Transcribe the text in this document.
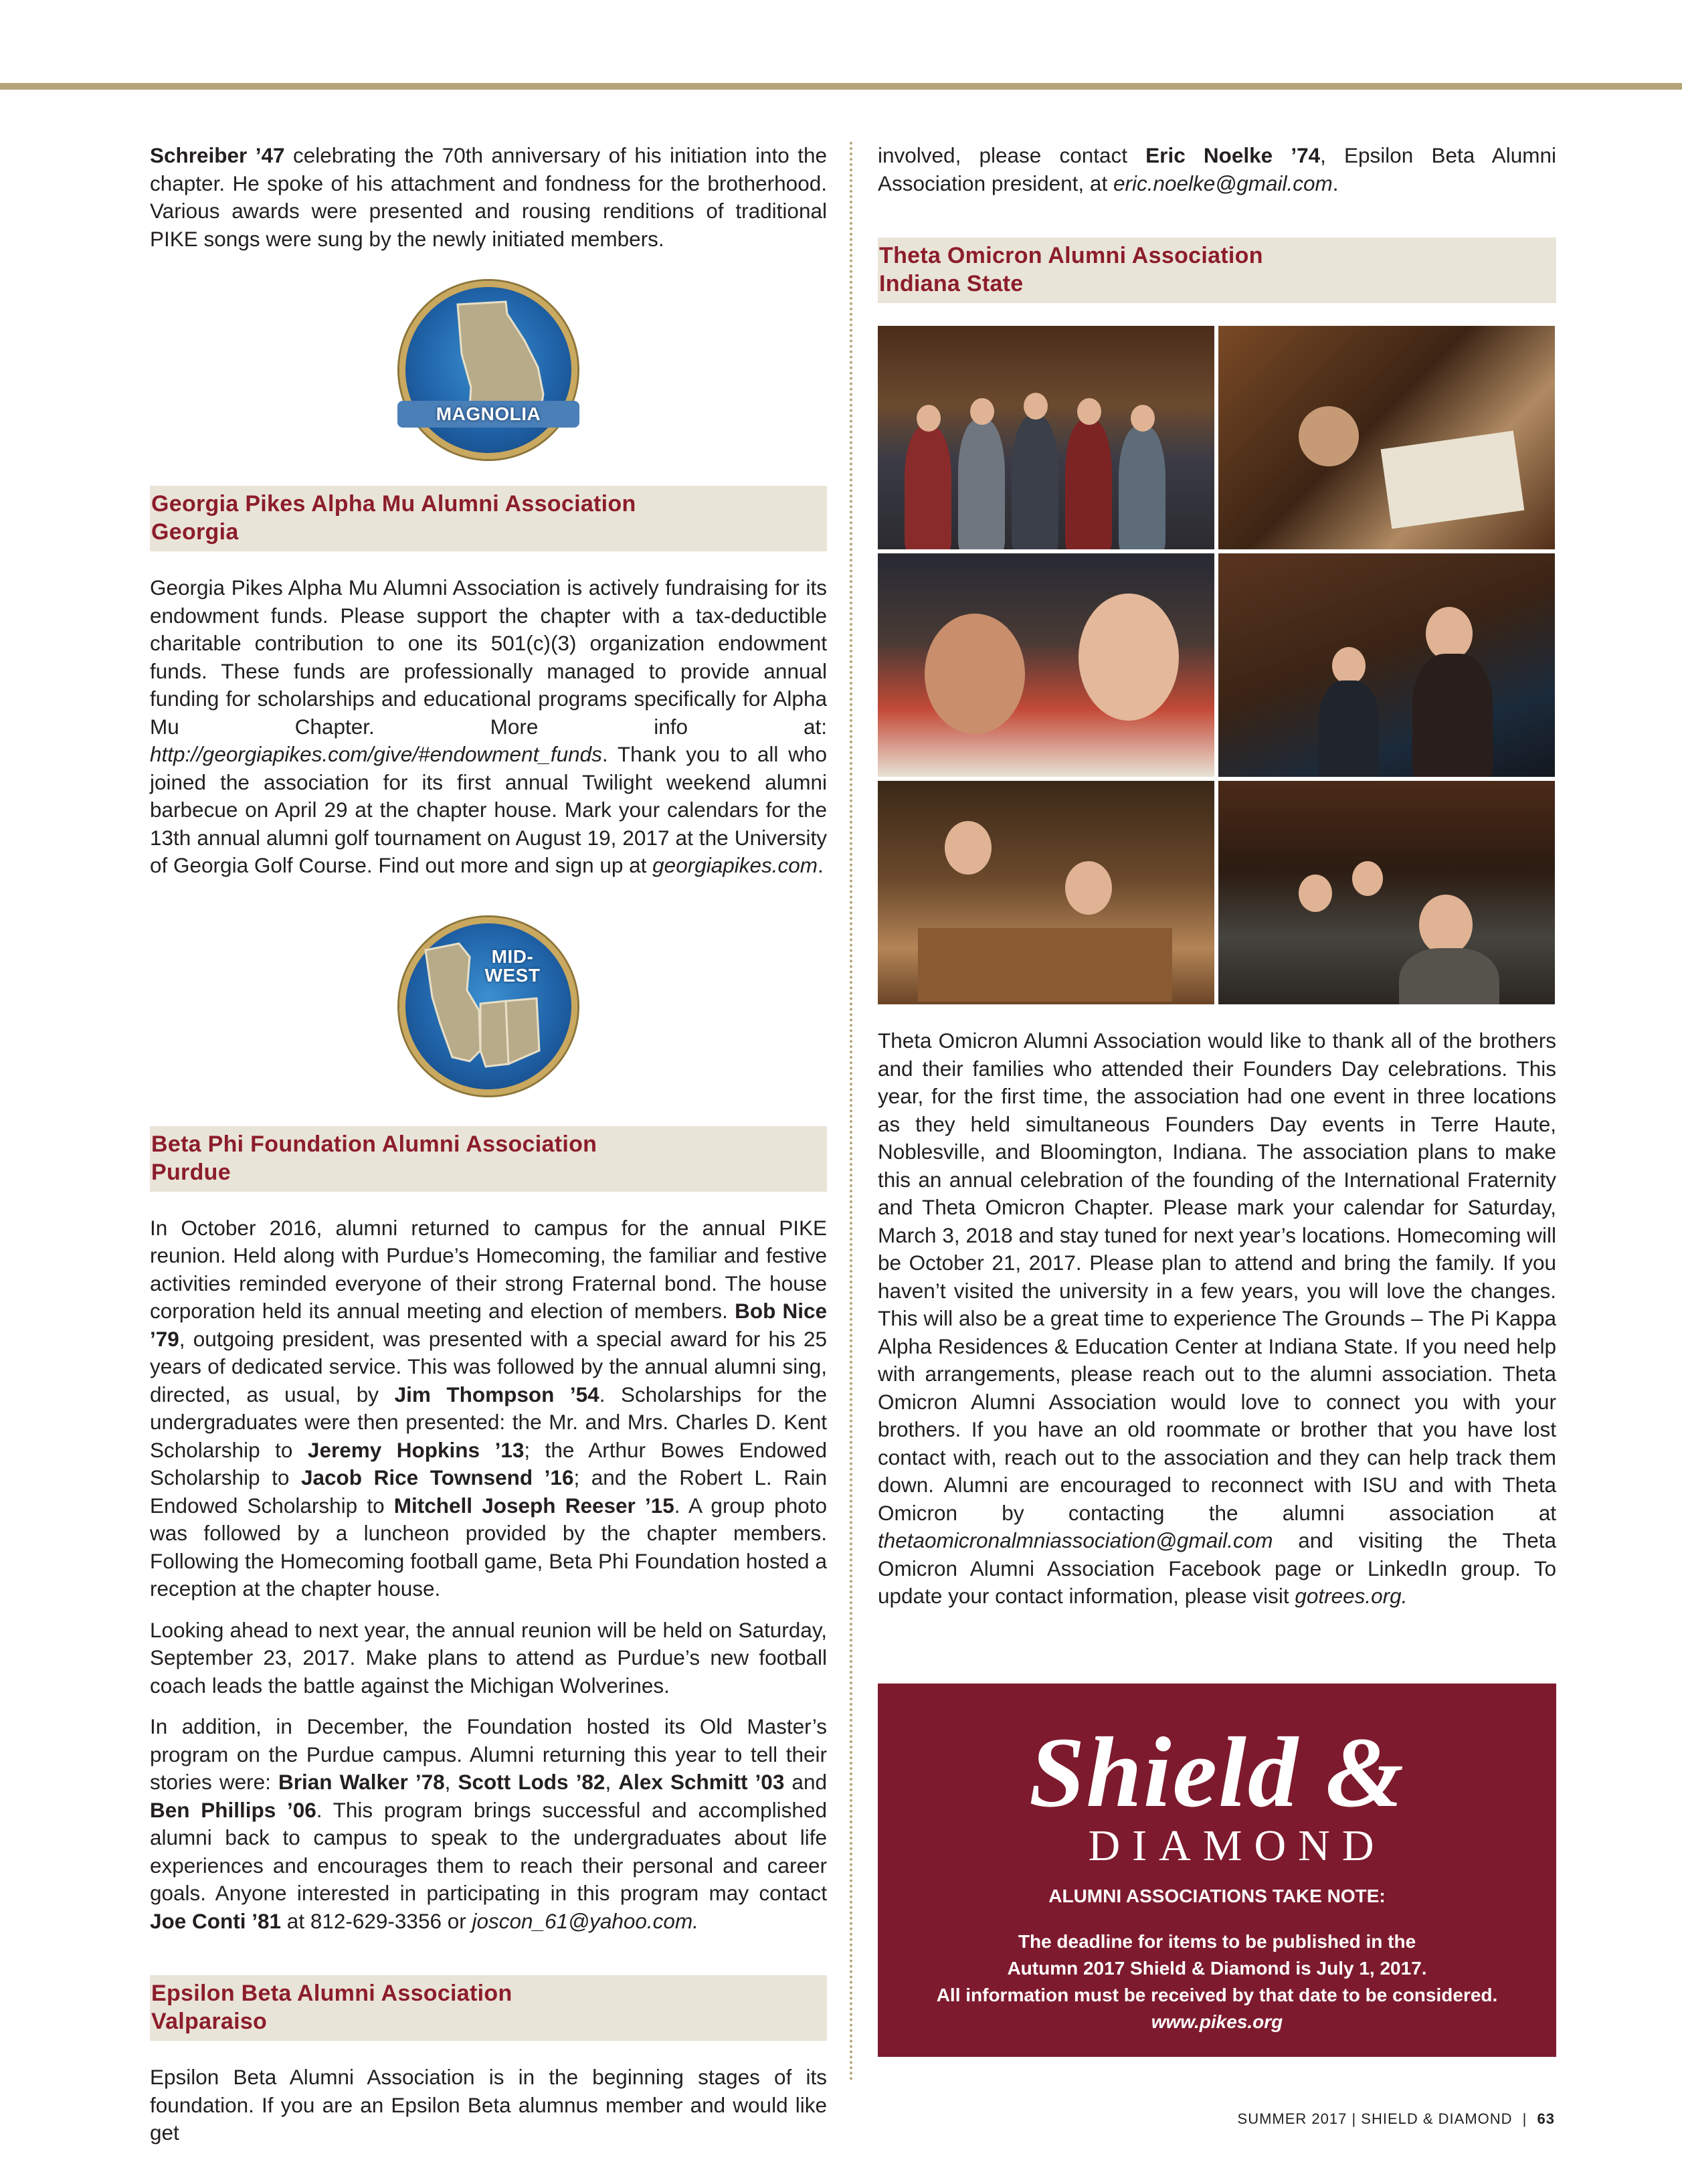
Schreiber ’47 celebrating the 70th anniversary of his initiation into the chapter. He spoke of his attachment and fondness for the brotherhood. Various awards were presented and rousing renditions of traditional PIKE songs were sung by the newly initiated members.

MAGNOLIA
Georgia Pikes Alpha Mu Alumni Association
Georgia

Georgia Pikes Alpha Mu Alumni Association is actively fundraising for its endowment funds. Please support the chapter with a tax-deductible charitable contribution to one its 501(c)(3) organization endowment funds. These funds are professionally managed to provide annual funding for scholarships and educational programs specifically for Alpha Mu Chapter. More info at: http://georgiapikes.com/give/#endowment_funds. Thank you to all who joined the association for its first annual Twilight weekend alumni barbecue on April 29 at the chapter house. Mark your calendars for the 13th annual alumni golf tournament on August 19, 2017 at the University of Georgia Golf Course. Find out more and sign up at georgiapikes.com.

MID-
WEST
Beta Phi Foundation Alumni Association
Purdue

In October 2016, alumni returned to campus for the annual PIKE reunion. Held along with Purdue’s Homecoming, the familiar and festive activities reminded everyone of their strong Fraternal bond. The house corporation held its annual meeting and election of members. Bob Nice ’79, outgoing president, was presented with a special award for his 25 years of dedicated service. This was followed by the annual alumni sing, directed, as usual, by Jim Thompson ’54. Scholarships for the undergraduates were then presented: the Mr. and Mrs. Charles D. Kent Scholarship to Jeremy Hopkins ’13; the Arthur Bowes Endowed Scholarship to Jacob Rice Townsend ’16; and the Robert L. Rain Endowed Scholarship to Mitchell Joseph Reeser ’15. A group photo was followed by a luncheon provided by the chapter members. Following the Homecoming football game, Beta Phi Foundation hosted a reception at the chapter house.

Looking ahead to next year, the annual reunion will be held on Saturday, September 23, 2017. Make plans to attend as Purdue’s new football coach leads the battle against the Michigan Wolverines.

In addition, in December, the Foundation hosted its Old Master’s program on the Purdue campus. Alumni returning this year to tell their stories were: Brian Walker ’78, Scott Lods ’82, Alex Schmitt ’03 and Ben Phillips ’06. This program brings successful and accomplished alumni back to campus to speak to the undergraduates about life experiences and encourages them to reach their personal and career goals. Anyone interested in participating in this program may contact Joe Conti ’81 at 812-629-3356 or joscon_61@yahoo.com.

Epsilon Beta Alumni Association
Valparaiso

Epsilon Beta Alumni Association is in the beginning stages of its foundation. If you are an Epsilon Beta alumnus member and would like get

involved, please contact Eric Noelke ’74, Epsilon Beta Alumni Association president, at eric.noelke@gmail.com.

Theta Omicron Alumni Association
Indiana State

Theta Omicron Alumni Association would like to thank all of the brothers and their families who attended their Founders Day celebrations. This year, for the first time, the association had one event in three locations as they held simultaneous Founders Day events in Terre Haute, Noblesville, and Bloomington, Indiana. The association plans to make this an annual celebration of the founding of the International Fraternity and Theta Omicron Chapter. Please mark your calendar for Saturday, March 3, 2018 and stay tuned for next year’s locations. Homecoming will be October 21, 2017. Please plan to attend and bring the family. If you haven’t visited the university in a few years, you will love the changes. This will also be a great time to experience The Grounds – The Pi Kappa Alpha Residences & Education Center at Indiana State. If you need help with arrangements, please reach out to the alumni association. Theta Omicron Alumni Association would love to connect you with your brothers. If you have an old roommate or brother that you have lost contact with, reach out to the association and they can help track them down. Alumni are encouraged to reconnect with ISU and with Theta Omicron by contacting the alumni association at thetaomicronalmniassociation@gmail.com and visiting the Theta Omicron Alumni Association Facebook page or LinkedIn group. To update your contact information, please visit gotrees.org.

Shield &
DIAMOND
ALUMNI ASSOCIATIONS TAKE NOTE:
The deadline for items to be published in the
Autumn 2017 Shield & Diamond is July 1, 2017.
All information must be received by that date to be considered.
www.pikes.org
SUMMER 2017 | SHIELD & DIAMOND | 63
